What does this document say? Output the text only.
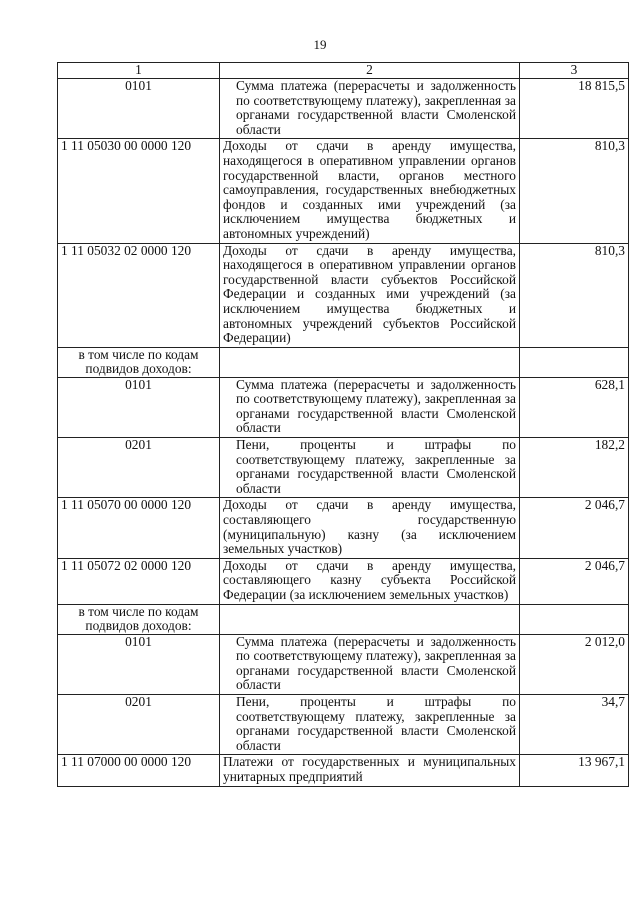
19
1	2	3
0101	Сумма платежа (перерасчеты и задолженность по соответствующему платежу), закрепленная за органами государственной власти Смоленской области	18 815,5
1 11 05030 00 0000 120	Доходы от сдачи в аренду имущества, находящегося в оперативном управлении органов государственной власти, органов местного самоуправления, государственных внебюджетных фондов и созданных ими учреждений (за исключением имущества бюджетных и автономных учреждений)	810,3
1 11 05032 02 0000 120	Доходы от сдачи в аренду имущества, находящегося в оперативном управлении органов государственной власти субъектов Российской Федерации и созданных ими учреждений (за исключением имущества бюджетных и автономных учреждений субъектов Российской Федерации)	810,3
в том числе по кодам подвидов доходов:		
0101	Сумма платежа (перерасчеты и задолженность по соответствующему платежу), закрепленная за органами государственной власти Смоленской области	628,1
0201	Пени, проценты и штрафы по соответствующему платежу, закрепленные за органами государственной власти Смоленской области	182,2
1 11 05070 00 0000 120	Доходы от сдачи в аренду имущества, составляющего государственную (муниципальную) казну (за исключением земельных участков)	2 046,7
1 11 05072 02 0000 120	Доходы от сдачи в аренду имущества, составляющего казну субъекта Российской Федерации (за исключением земельных участков)	2 046,7
в том числе по кодам подвидов доходов:		
0101	Сумма платежа (перерасчеты и задолженность по соответствующему платежу), закрепленная за органами государственной власти Смоленской области	2 012,0
0201	Пени, проценты и штрафы по соответствующему платежу, закрепленные за органами государственной власти Смоленской области	34,7
1 11 07000 00 0000 120	Платежи от государственных и муниципальных унитарных предприятий	13 967,1
